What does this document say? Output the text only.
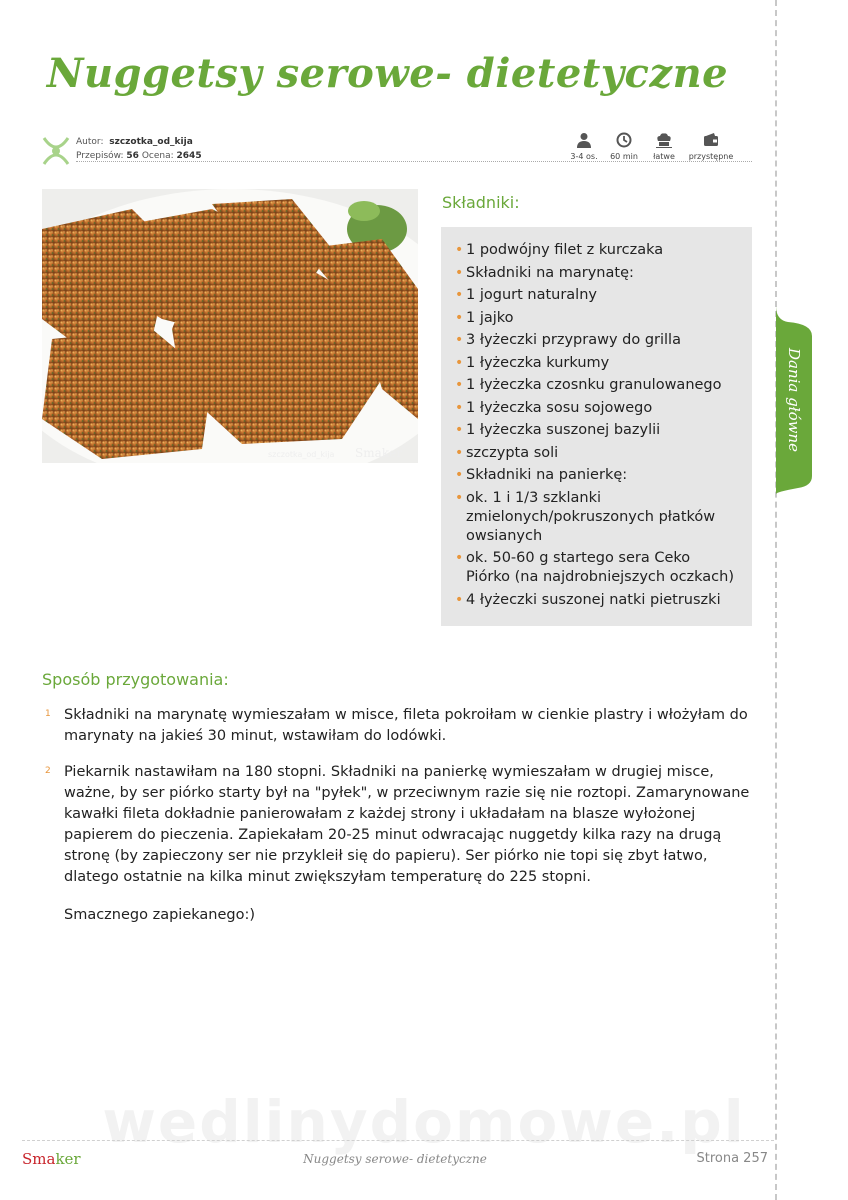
Nuggetsy serowe- dietetyczne
Autor: szczotka_od_kija
Przepisów: 56 Ocena: 2645	3-4 os.	60 min	łatwe	przystępne
szczotka_od_kija Smaker pl
Składniki:
• 1 podwójny filet z kurczaka
• Składniki na marynatę:
• 1 jogurt naturalny
• 1 jajko
• 3 łyżeczki przyprawy do grilla
• 1 łyżeczka kurkumy
• 1 łyżeczka czosnku granulowanego
• 1 łyżeczka sosu sojowego
• 1 łyżeczka suszonej bazylii
• szczypta soli
• Składniki na panierkę:
• ok. 1 i 1/3 szklanki zmielonych/pokruszonych płatków owsianych
• ok. 50-60 g startego sera Ceko Piórko (na najdrobniejszych oczkach)
• 4 łyżeczki suszonej natki pietruszki
Sposób przygotowania:
1 Składniki na marynatę wymieszałam w misce, fileta pokroiłam w cienkie plastry i włożyłam do marynaty na jakieś 30 minut, wstawiłam do lodówki.
2 Piekarnik nastawiłam na 180 stopni. Składniki na panierkę wymieszałam w drugiej misce, ważne, by ser piórko starty był na "pyłek", w przeciwnym razie się nie roztopi. Zamarynowane kawałki fileta dokładnie panierowałam z każdej strony i układałam na blasze wyłożonej papierem do pieczenia. Zapiekałam 20-25 minut odwracając nuggetdy kilka razy na drugą stronę (by zapieczony ser nie przykleił się do papieru). Ser piórko nie topi się zbyt łatwo, dlatego ostatnie na kilka minut zwiększyłam temperaturę do 225 stopni.
Smacznego zapiekanego:)
wedlinydomowe.pl
Dania główne
Smaker	Nuggetsy serowe- dietetyczne	Strona 257
